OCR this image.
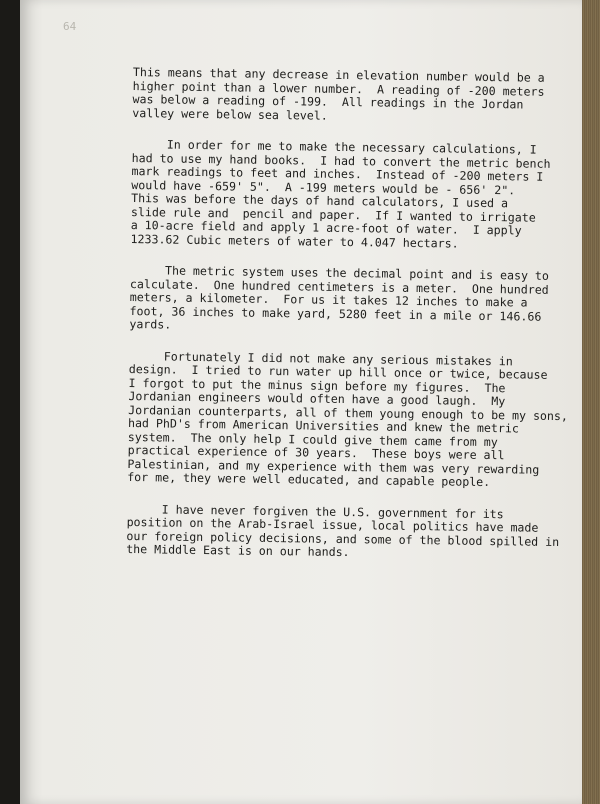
64

This means that any decrease in elevation number would be a
higher point than a lower number.  A reading of -200 meters
was below a reading of -199.  All readings in the Jordan
valley were below sea level.

In order for me to make the necessary calculations, I
had to use my hand books.  I had to convert the metric bench
mark readings to feet and inches.  Instead of -200 meters I
would have -659' 5".  A -199 meters would be - 656' 2".
This was before the days of hand calculators, I used a
slide rule and  pencil and paper.  If I wanted to irrigate
a 10-acre field and apply 1 acre-foot of water.  I apply
1233.62 Cubic meters of water to 4.047 hectars.

The metric system uses the decimal point and is easy to
calculate.  One hundred centimeters is a meter.  One hundred
meters, a kilometer.  For us it takes 12 inches to make a
foot, 36 inches to make yard, 5280 feet in a mile or 146.66
yards.

Fortunately I did not make any serious mistakes in
design.  I tried to run water up hill once or twice, because
I forgot to put the minus sign before my figures.  The
Jordanian engineers would often have a good laugh.  My
Jordanian counterparts, all of them young enough to be my sons,
had PhD's from American Universities and knew the metric
system.  The only help I could give them came from my
practical experience of 30 years.  These boys were all
Palestinian, and my experience with them was very rewarding
for me, they were well educated, and capable people.

I have never forgiven the U.S. government for its
position on the Arab-Israel issue, local politics have made
our foreign policy decisions, and some of the blood spilled in
the Middle East is on our hands.
